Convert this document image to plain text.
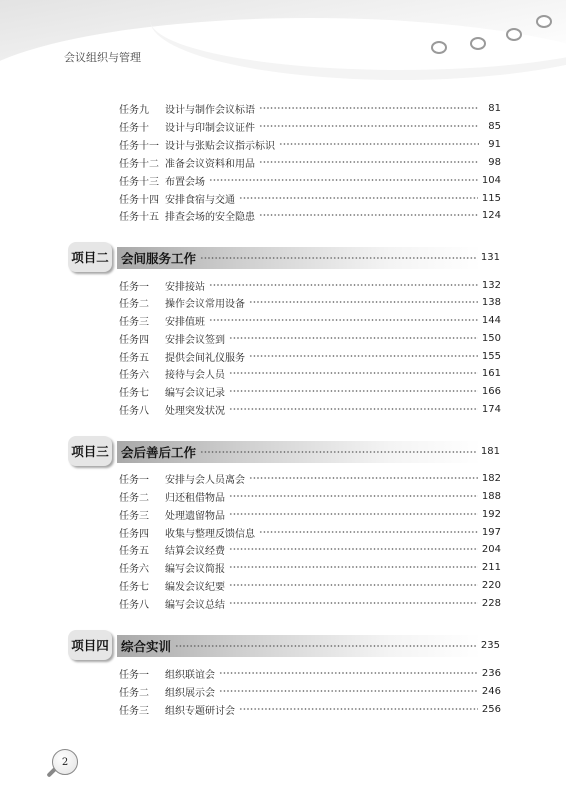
会议组织与管理
任务九	设计与制作会议标语	81
任务十	设计与印制会议证件	85
任务十一 设计与张贴会议指示标识	91
任务十二 准备会议资料和用品	98
任务十三 布置会场	104
任务十四 安排食宿与交通	115
任务十五 排查会场的安全隐患	124
项目二 会间服务工作	131
任务一	安排接站	132
任务二	操作会议常用设备	138
任务三	安排值班	144
任务四	安排会议签到	150
任务五	提供会间礼仪服务	155
任务六	接待与会人员	161
任务七	编写会议记录	166
任务八	处理突发状况	174
项目三 会后善后工作	181
任务一	安排与会人员离会	182
任务二	归还租借物品	188
任务三	处理遗留物品	192
任务四	收集与整理反馈信息	197
任务五	结算会议经费	204
任务六	编写会议简报	211
任务七	编发会议纪要	220
任务八	编写会议总结	228
项目四 综合实训	235
任务一	组织联谊会	236
任务二	组织展示会	246
任务三	组织专题研讨会	256
2
